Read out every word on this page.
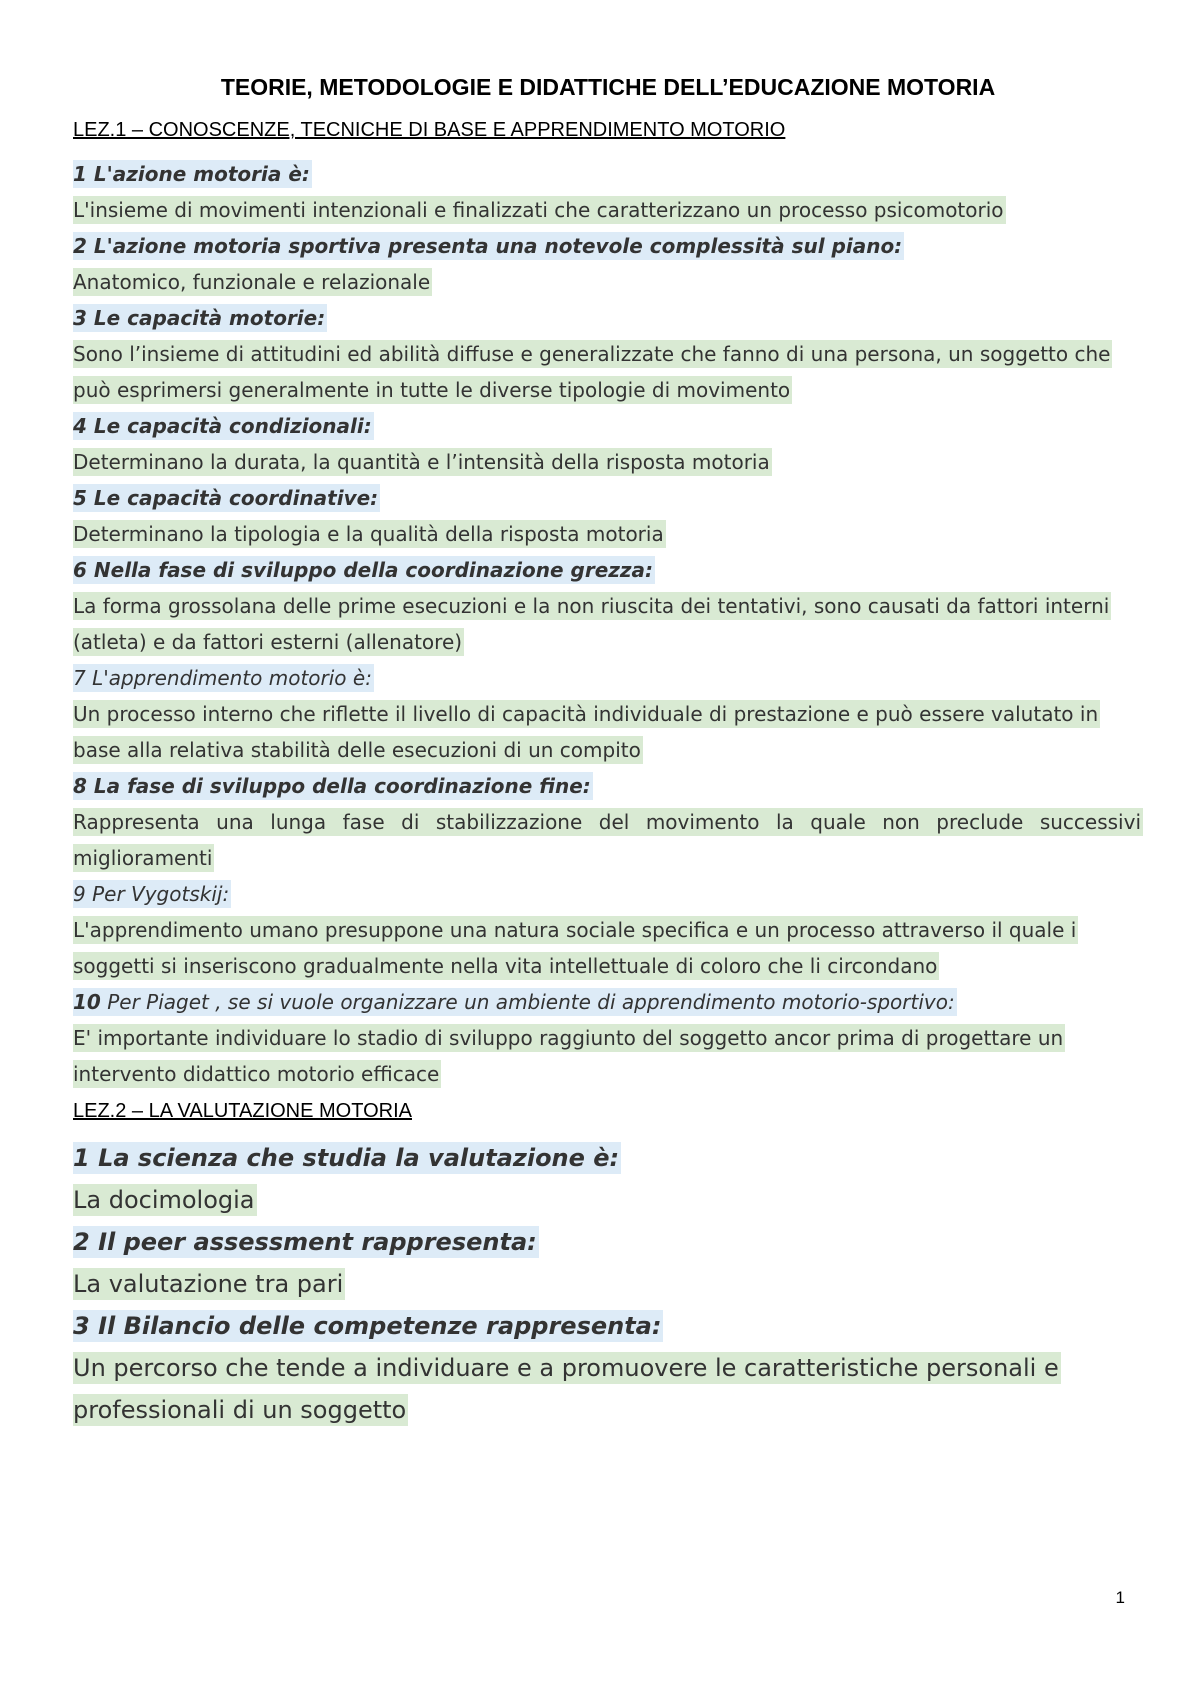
TEORIE, METODOLOGIE E DIDATTICHE DELL’EDUCAZIONE MOTORIA
LEZ.1 – CONOSCENZE, TECNICHE DI BASE E APPRENDIMENTO MOTORIO

1 L'azione motoria è:

L'insieme di movimenti intenzionali e finalizzati che caratterizzano un processo psicomotorio

2 L'azione motoria sportiva presenta una notevole complessità sul piano:

Anatomico, funzionale e relazionale

3 Le capacità motorie:

Sono l’insieme di attitudini ed abilità diffuse e generalizzate che fanno di una persona, un soggetto che può esprimersi generalmente in tutte le diverse tipologie di movimento

4 Le capacità condizionali:

Determinano la durata, la quantità e l’intensità della risposta motoria

5 Le capacità coordinative:

Determinano la tipologia e la qualità della risposta motoria

6 Nella fase di sviluppo della coordinazione grezza:

La forma grossolana delle prime esecuzioni e la non riuscita dei tentativi, sono causati da fattori interni (atleta) e da fattori esterni (allenatore)

7 L'apprendimento motorio è:

Un processo interno che riflette il livello di capacità individuale di prestazione e può essere valutato in base alla relativa stabilità delle esecuzioni di un compito

8 La fase di sviluppo della coordinazione fine:

Rappresenta una lunga fase di stabilizzazione del movimento la quale non preclude successivi miglioramenti

9 Per Vygotskij:

L'apprendimento umano presuppone una natura sociale specifica e un processo attraverso il quale i soggetti si inseriscono gradualmente nella vita intellettuale di coloro che li circondano

10 Per Piaget , se si vuole organizzare un ambiente di apprendimento motorio-sportivo:

E' importante individuare lo stadio di sviluppo raggiunto del soggetto ancor prima di progettare un intervento didattico motorio efficace

LEZ.2 – LA VALUTAZIONE MOTORIA

1 La scienza che studia la valutazione è:

La docimologia

2 Il peer assessment rappresenta:

La valutazione tra pari

3 Il Bilancio delle competenze rappresenta:

Un percorso che tende a individuare e a promuovere le caratteristiche personali e professionali di un soggetto

1
